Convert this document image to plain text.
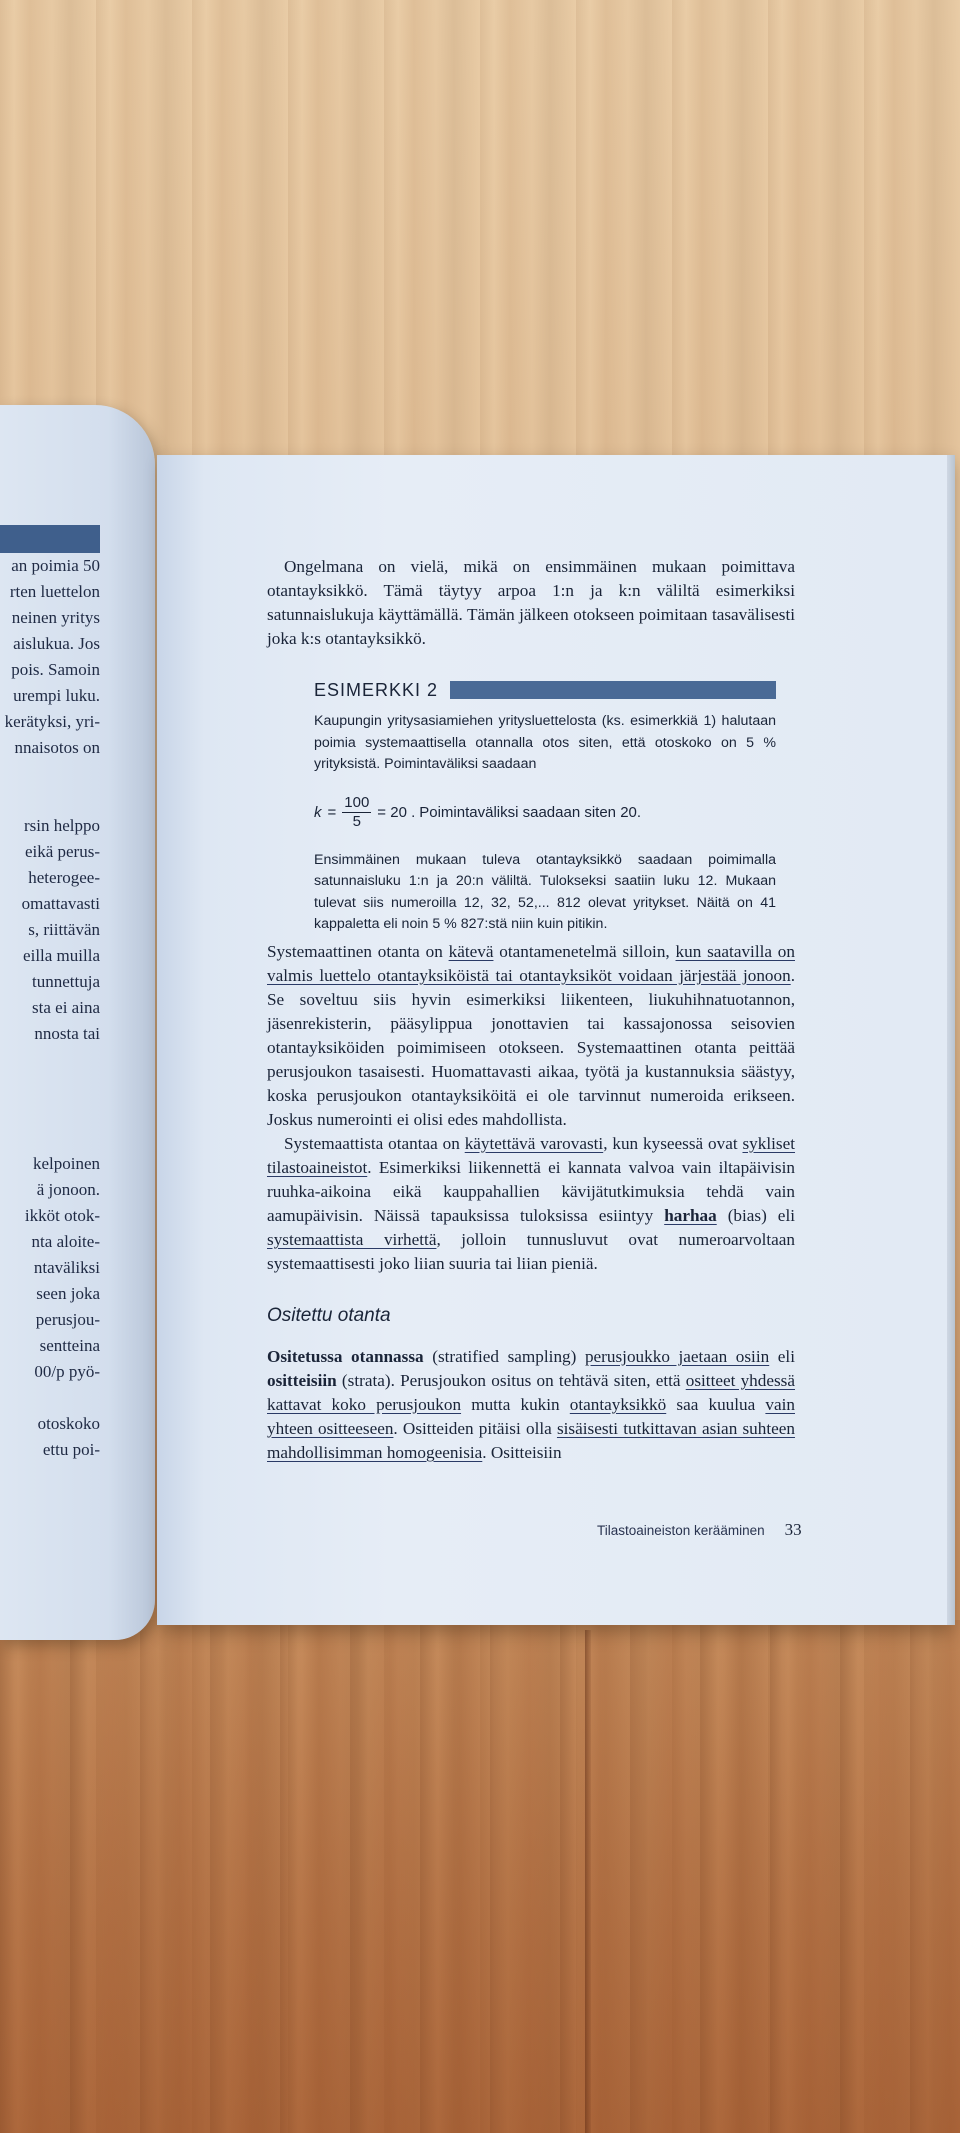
an poimia 50
rten luettelon
neinen yritys
aislukua. Jos
pois. Samoin
urempi luku.
kerätyksi, yri-
nnaisotos on
rsin helppo
eikä perus-
heterogee-
omattavasti
s, riittävän
eilla muilla
tunnettuja
sta ei aina
nnosta tai
kelpoinen
ä jonoon.
ikköt otok-
nta aloite-
ntaväliksi
seen joka
perusjou-
sentteina
00/p pyö-
otoskoko
ettu poi-

Ongelmana on vielä, mikä on ensimmäinen mukaan poimittava otantayksikkö. Tämä täytyy arpoa 1:n ja k:n väliltä esimerkiksi satunnaislukuja käyttämällä. Tämän jälkeen otokseen poimitaan tasavälisesti joka k:s otantayksikkö.

ESIMERKKI 2

Kaupungin yritysasiamiehen yritysluettelosta (ks. esimerkkiä 1) halutaan poimia systemaattisella otannalla otos siten, että otoskoko on 5 % yrityksistä. Poimintaväliksi saadaan

$k = \frac{100}{5} = 20$ . Poimintaväliksi saadaan siten 20.

Ensimmäinen mukaan tuleva otantayksikkö saadaan poimimalla satunnaisluku 1:n ja 20:n väliltä. Tulokseksi saatiin luku 12. Mukaan tulevat siis numeroilla 12, 32, 52,... 812 olevat yritykset. Näitä on 41 kappaletta eli noin 5 % 827:stä niin kuin pitikin.

Systemaattinen otanta on kätevä otantamenetelmä silloin, kun saatavilla on valmis luettelo otantayksiköistä tai otantayksiköt voidaan järjestää jonoon. Se soveltuu siis hyvin esimerkiksi liikenteen, liukuhihnatuotannon, jäsenrekisterin, pääsylippua jonottavien tai kassajonossa seisovien otantayksiköiden poimimiseen otokseen. Systemaattinen otanta peittää perusjoukon tasaisesti. Huomattavasti aikaa, työtä ja kustannuksia säästyy, koska perusjoukon otantayksiköitä ei ole tarvinnut numeroida erikseen. Joskus numerointi ei olisi edes mahdollista.

Systemaattista otantaa on käytettävä varovasti, kun kyseessä ovat sykliset tilastoaineistot. Esimerkiksi liikennettä ei kannata valvoa vain iltapäivisin ruuhka-aikoina eikä kauppahallien kävijätutkimuksia tehdä vain aamupäivisin. Näissä tapauksissa tuloksissa esiintyy harhaa (bias) eli systemaattista virhettä, jolloin tunnusluvut ovat numeroarvoltaan systemaattisesti joko liian suuria tai liian pieniä.

Ositettu otanta

Ositetussa otannassa (stratified sampling) perusjoukko jaetaan osiin eli ositteisiin (strata). Perusjoukon ositus on tehtävä siten, että ositteet yhdessä kattavat koko perusjoukon mutta kukin otantayksikkö saa kuulua vain yhteen ositteeseen. Ositteiden pitäisi olla sisäisesti tutkittavan asian suhteen mahdollisimman homogeenisia. Ositteisiin

Tilastoaineiston kerääminen 33
